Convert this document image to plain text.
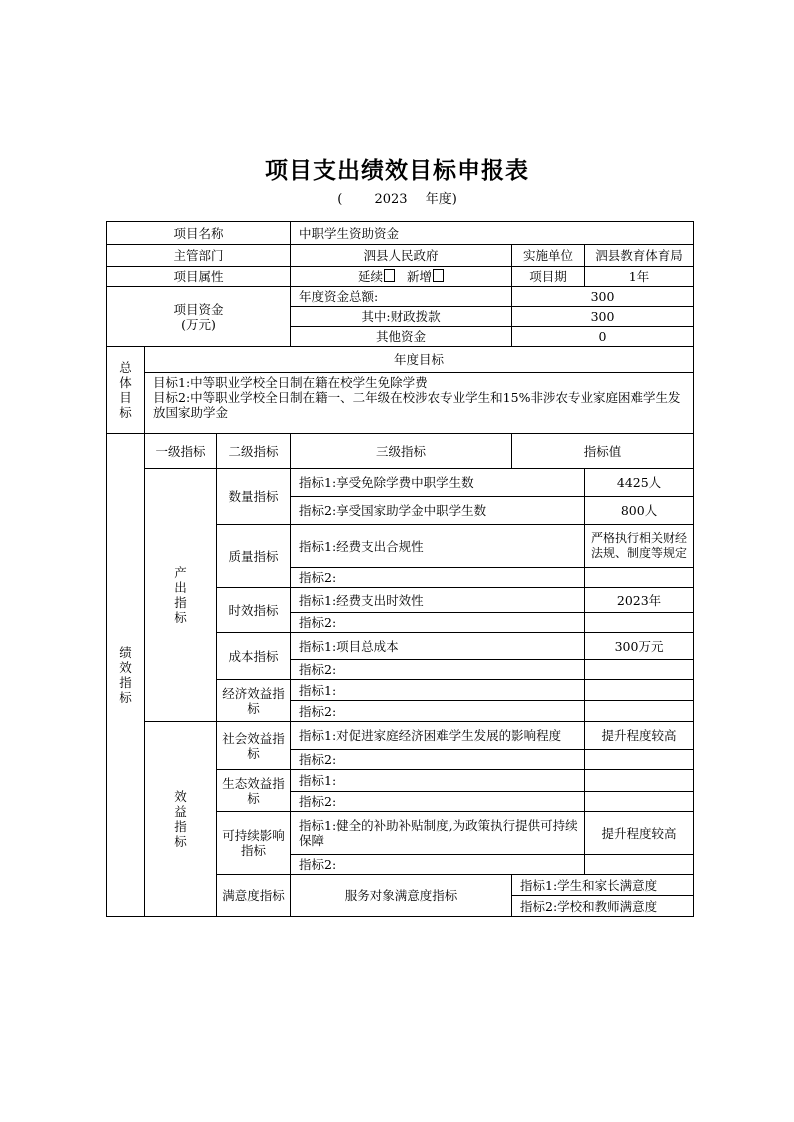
项目支出绩效目标申报表
( 2023 年度)
项目名称			中职学生资助资金			
主管部门			泗县人民政府	实施单位	泗县教育体育局	
项目属性			延续 新增	项目期	1年	

项目资金
(万元)			年度资金总额:	300		
			其中:财政拨款	300		
			其他资金	0		

总
体
目
标	年度目标					

	目标1:中等职业学校全日制在籍在校学生免除学费
目标2:中等职业学校全日制在籍一、二年级在校涉农专业学生和15%非涉农专业家庭困难学生发放国家助学金					

绩
效
指
标	一级指标	二级指标	三级指标	指标值		

	产
出
指
标	数量指标	指标1:享受免除学费中职学生数		4425人	
			指标2:享受国家助学金中职学生数		800人	
		质量指标	指标1:经费支出合规性		严格执行相关财经法规、制度等规定	
			指标2:			
		时效指标	指标1:经费支出时效性		2023年	
			指标2:			
		成本指标	指标1:项目总成本		300万元	
			指标2:			
		经济效益指标	指标1:			
			指标2:			

	效
益
指
标	社会效益指标	指标1:对促进家庭经济困难学生发展的影响程度		提升程度较高	
			指标2:			
		生态效益指标	指标1:			
			指标2:			
		可持续影响指标	指标1:健全的补助补贴制度,为政策执行提供可持续保障		提升程度较高	
			指标2:			
		满意度指标	服务对象满意度指标	指标1:学生和家长满意度	
				指标2:学校和教师满意度	
